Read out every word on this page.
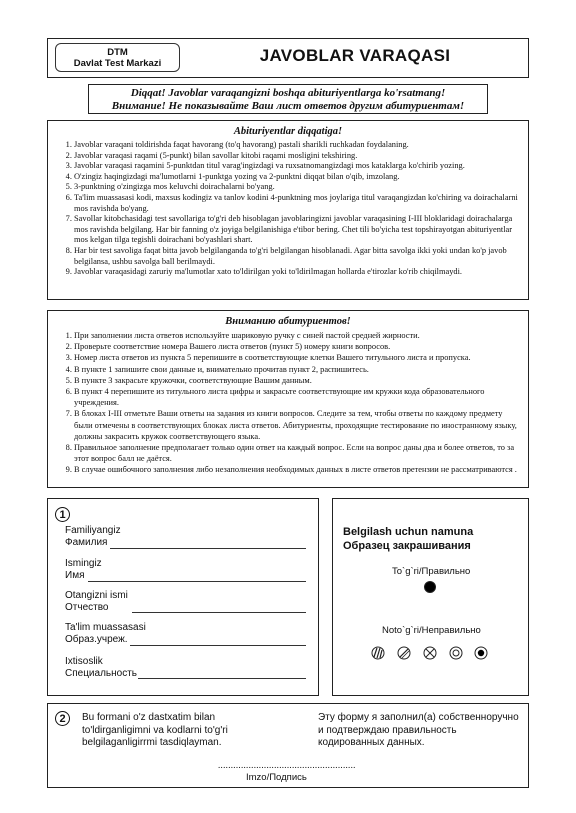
DTM
Davlat Test Markazi	JAVOBLAR VARAQASI
Diqqat! Javoblar varaqangizni boshqa abituriyentlarga ko'rsatmang!
Внимание! Не показывайте Ваш лист ответов другим абитуриентам!
Abituriyentlar diqqatiga!
1. Javoblar varaqani toldirishda faqat havorang (to'q havorang) pastali sharikli ruchkadan foydalaning.
2. Javoblar varaqasi raqami (5-punkt) bilan savollar kitobi raqami mosligini tekshiring.
3. Javoblar varaqasi raqamini 5-punktdan titul varag'ingizdagi va ruxsatnomangizdagi mos kataklarga ko'chirib yozing.
4. O'zingiz haqingizdagi ma'lumotlarni 1-punktga yozing va 2-punktni diqqat bilan o'qib, imzolang.
5. 3-punktning o'zingizga mos keluvchi doirachalarni bo'yang.
6. Ta'lim muassasasi kodi, maxsus kodingiz va tanlov kodini 4-punktning mos joylariga titul varaqangizdan ko'chiring va doirachalarni mos ravishda bo'yang.
7. Savollar kitobchasidagi test savollariga to'g'ri deb hisoblagan javoblaringizni javoblar varaqasining I-III bloklaridagi doirachalarga mos ravishda belgilang. Har bir fanning o'z joyiga belgilanishiga e'tibor bering. Chet tili bo'yicha test topshirayotgan abituriyentlar mos kelgan tilga tegishli doirachani bo'yashlari shart.
8. Har bir test savoliga faqat bitta javob belgilanganda to'g'ri belgilangan hisoblanadi. Agar bitta savolga ikki yoki undan ko'p javob belgilansa, ushbu savolga ball berilmaydi.
9. Javoblar varaqasidagi zaruriy ma'lumotlar xato to'ldirilgan yoki to'ldirilmagan hollarda e'tirozlar ko'rib chiqilmaydi.
Вниманию абитуриентов!
1. При заполнении листа ответов используйте шариковую ручку с синей пастой средней жирности.
2. Проверьте соответствие номера Вашего листа ответов (пункт 5) номеру книги вопросов.
3. Номер листа ответов из пункта 5 перепишите в соответствующие клетки Вашего титульного листа и пропуска.
4. В пункте 1 запишите свои данные и, внимательно прочитав пункт 2, распишитесь.
5. В пункте 3 закрасьте кружочки, соответствующие Вашим данным.
6. В пункт 4 перепишите из титульного листа цифры и закрасьте соответствующие им кружки кода образовательного учреждения.
7. В блоках I-III отметьте Ваши ответы на задания из книги вопросов. Следите за тем, чтобы ответы по каждому предмету были отмечены в соответствующих блоках листа ответов. Абитуриенты, проходящие тестирование по иностранному языку, должны закрасить кружок соответствующего языка.
8. Правильное заполнение предполагает только один ответ на каждый вопрос. Если на вопрос даны два и более ответов, то за этот вопрос балл не даётся.
9. В случае ошибочного заполнения либо незаполнения необходимых данных в листе ответов претензии не рассматриваются .
1
Familiyangiz
Фамилия
Ismingiz
Имя
Otangizni ismi
Отчество
Ta'lim muassasasi
Образ.учреж.
Ixtisoslik
Специальность
Belgilash uchun namuna
Образец закрашивания
To`g`ri/Правильно
Noto`g`ri/Неправильно
2	Bu formani o'z dastxatim bilan to'ldirganligimni va kodlarni to'g'ri belgilaganligirrmi tasdiqlayman.
Эту форму я заполнил(а) собственноручно и подтверждаю правильность кодированных данных.
......................................................
Imzo/Подпись
